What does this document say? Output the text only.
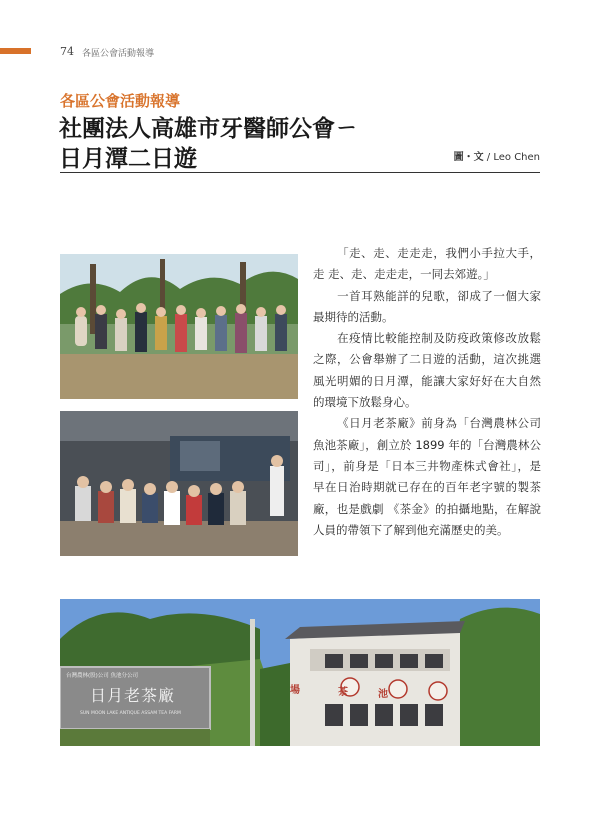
74 各區公會活動報導
各區公會活動報導
社團法人高雄市牙醫師公會ㄧ
日月潭二日遊	圖・文 / Leo Chen
台灣農林(股)公司 魚池分公司
日月老茶廠
SUN MOON LAKE ANTIQUE ASSAM TEA FARM
場	茶	池

「走、走、走走走，我們小手拉大手，走 走、走、走走走，一同去郊遊。」

一首耳熟能詳的兒歌，卻成了一個大家最期待的活動。

在疫情比較能控制及防疫政策修改放鬆之際，公會舉辦了二日遊的活動，這次挑選風光明媚的日月潭，能讓大家好好在大自然的環境下放鬆身心。

《日月老茶廠》前身為「台灣農林公司魚池茶廠」，創立於 1899 年的「台灣農林公司」，前身是「日本三井物產株式會社」，是早在日治時期就已存在的百年老字號的製茶廠，也是戲劇 《茶金》的拍攝地點，在解說人員的帶領下了解到他充滿歷史的美。
